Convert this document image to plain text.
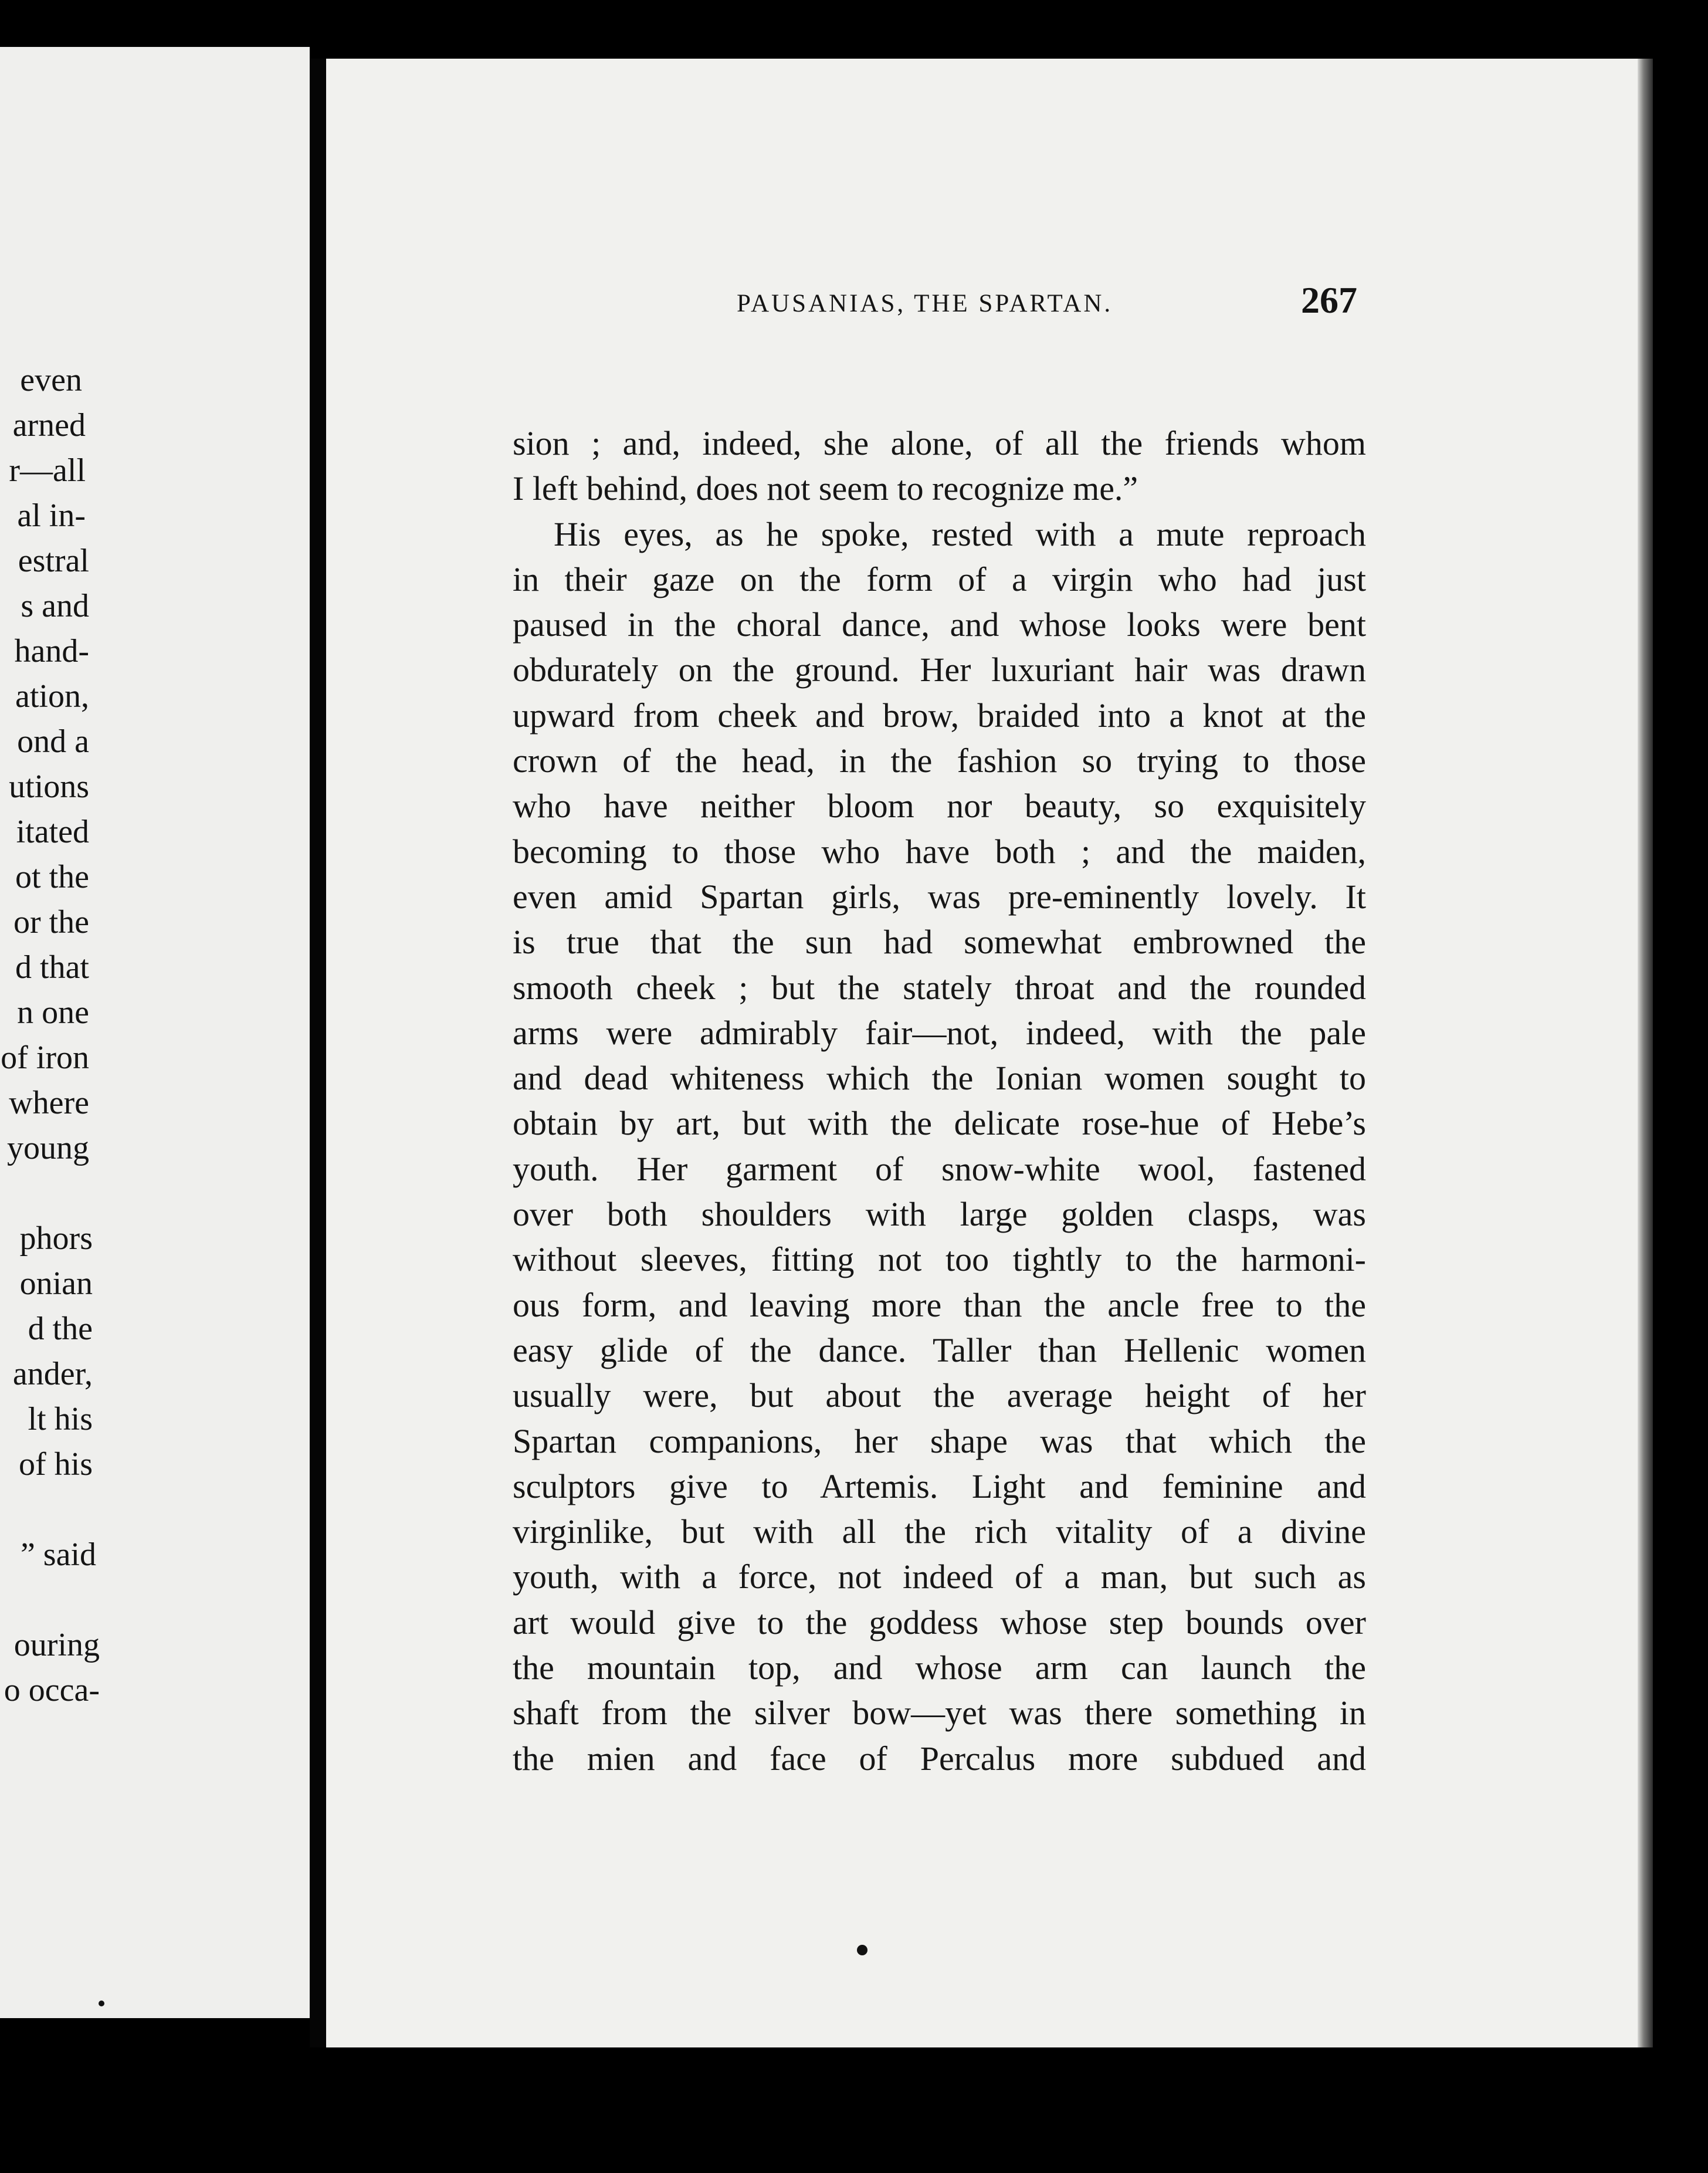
even
arned
r—all
al in-
estral
s and
hand-
ation,
ond a
utions
itated
ot the
or the
d that
n one
of iron
where
young
phors
onian
d the
ander,
lt his
of his
” said
ouring
o occa-
PAUSANIAS, THE SPARTAN.	267
sion ; and, indeed, she alone, of all the friends whom
I left behind, does not seem to recognize me.”
His eyes, as he spoke, rested with a mute reproach
in their gaze on the form of a virgin who had just
paused in the choral dance, and whose looks were bent
obdurately on the ground. Her luxuriant hair was drawn
upward from cheek and brow, braided into a knot at the
crown of the head, in the fashion so trying to those
who have neither bloom nor beauty, so exquisitely
becoming to those who have both ; and the maiden,
even amid Spartan girls, was pre-eminently lovely. It
is true that the sun had somewhat embrowned the
smooth cheek ; but the stately throat and the rounded
arms were admirably fair—not, indeed, with the pale
and dead whiteness which the Ionian women sought to
obtain by art, but with the delicate rose-hue of Hebe’s
youth. Her garment of snow-white wool, fastened
over both shoulders with large golden clasps, was
without sleeves, fitting not too tightly to the harmoni-
ous form, and leaving more than the ancle free to the
easy glide of the dance. Taller than Hellenic women
usually were, but about the average height of her
Spartan companions, her shape was that which the
sculptors give to Artemis. Light and feminine and
virginlike, but with all the rich vitality of a divine
youth, with a force, not indeed of a man, but such as
art would give to the goddess whose step bounds over
the mountain top, and whose arm can launch the
shaft from the silver bow—yet was there something in
the mien and face of Percalus more subdued and
